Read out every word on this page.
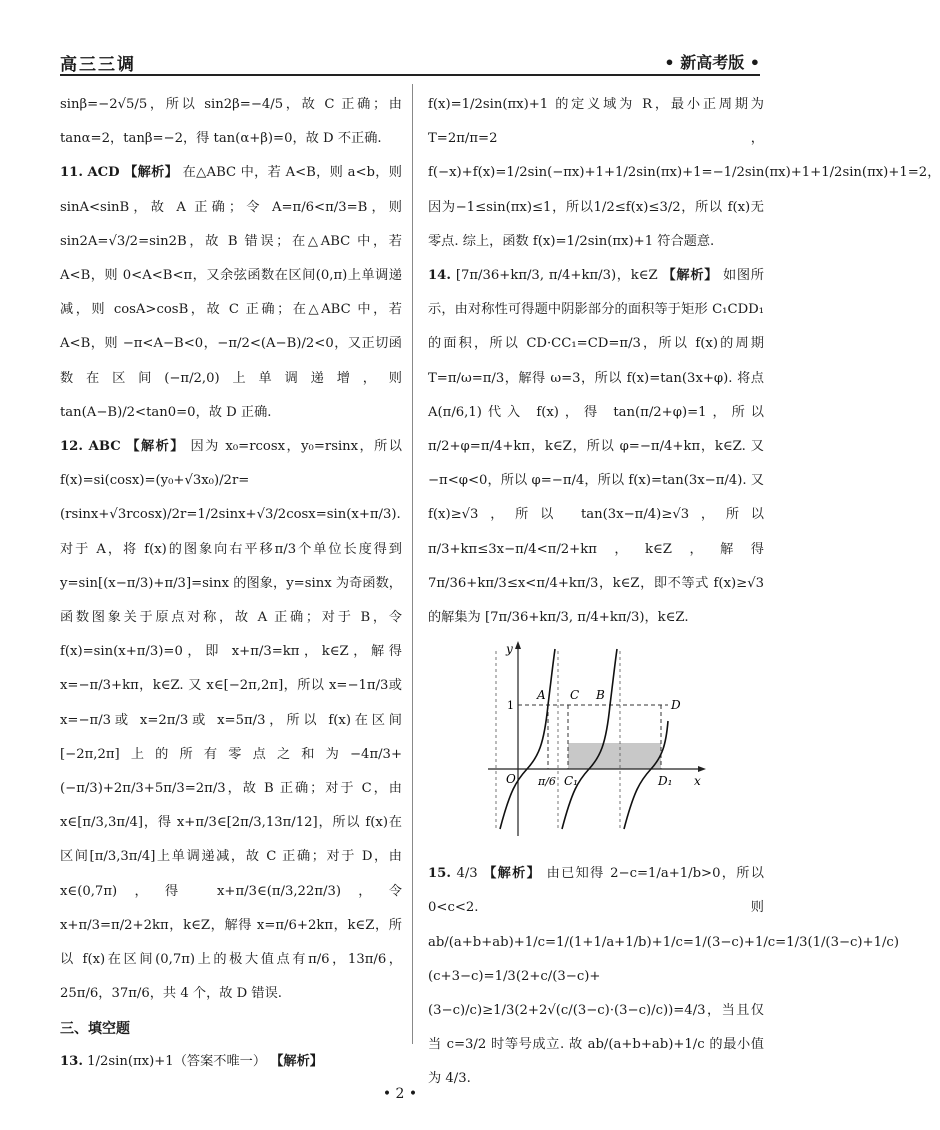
高三三调	• 新高考版 •
sinβ=−2√5/5，所以 sin2β=−4/5，故 C 正确；由 tanα=2，tanβ=−2，得 tan(α+β)=0，故 D 不正确.
11. ACD 【解析】 在△ABC 中，若 A<B，则 a<b，则 sinA<sinB，故 A 正确；令 A=π/6<π/3=B，则 sin2A=√3/2=sin2B，故 B 错误；在△ABC 中，若 A<B，则 0<A<B<π，又余弦函数在区间(0,π)上单调递减，则 cosA>cosB，故 C 正确；在△ABC 中，若 A<B，则 −π<A−B<0，−π/2<(A−B)/2<0，又正切函数在区间(−π/2,0)上单调递增，则 tan(A−B)/2<tan0=0，故 D 正确.
12. ABC 【解析】 因为 x₀=rcosx，y₀=rsinx，所以 f(x)=si(cosx)=(y₀+√3x₀)/2r=(rsinx+√3rcosx)/2r=1/2sinx+√3/2cosx=sin(x+π/3). 对于 A，将 f(x)的图象向右平移π/3个单位长度得到 y=sin[(x−π/3)+π/3]=sinx 的图象，y=sinx 为奇函数，函数图象关于原点对称，故 A 正确；对于 B，令 f(x)=sin(x+π/3)=0，即 x+π/3=kπ，k∈Z，解得 x=−π/3+kπ，k∈Z. 又 x∈[−2π,2π]，所以 x=−1π/3或 x=−π/3或 x=2π/3或 x=5π/3，所以 f(x)在区间[−2π,2π]上的所有零点之和为−4π/3+(−π/3)+2π/3+5π/3=2π/3，故 B 正确；对于 C，由 x∈[π/3,3π/4]，得 x+π/3∈[2π/3,13π/12]，所以 f(x)在区间[π/3,3π/4]上单调递减，故 C 正确；对于 D，由 x∈(0,7π)，得 x+π/3∈(π/3,22π/3)，令 x+π/3=π/2+2kπ，k∈Z，解得 x=π/6+2kπ，k∈Z，所以 f(x)在区间(0,7π)上的极大值点有π/6，13π/6，25π/6，37π/6，共 4 个，故 D 错误.
三、填空题
13. 1/2sin(πx)+1（答案不唯一） 【解析】
f(x)=1/2sin(πx)+1 的定义域为 R，最小正周期为 T=2π/π=2，f(−x)+f(x)=1/2sin(−πx)+1+1/2sin(πx)+1=−1/2sin(πx)+1+1/2sin(πx)+1=2，因为−1≤sin(πx)≤1，所以1/2≤f(x)≤3/2，所以 f(x)无零点. 综上，函数 f(x)=1/2sin(πx)+1 符合题意.
14. [7π/36+kπ/3, π/4+kπ/3)，k∈Z 【解析】 如图所示，由对称性可得题中阴影部分的面积等于矩形 C₁CDD₁ 的面积，所以 CD·CC₁=CD=π/3，所以 f(x)的周期 T=π/ω=π/3，解得 ω=3，所以 f(x)=tan(3x+φ). 将点 A(π/6,1)代入 f(x)，得 tan(π/2+φ)=1，所以 π/2+φ=π/4+kπ，k∈Z，所以 φ=−π/4+kπ，k∈Z. 又 −π<φ<0，所以 φ=−π/4，所以 f(x)=tan(3x−π/4). 又 f(x)≥√3，所以 tan(3x−π/4)≥√3，所以 π/3+kπ≤3x−π/4<π/2+kπ，k∈Z，解得 7π/36+kπ/3≤x<π/4+kπ/3，k∈Z，即不等式 f(x)≥√3 的解集为 [7π/36+kπ/3, π/4+kπ/3)，k∈Z.
y
x
O
1
π/6
A C B
D
C₁	D₁
15. 4/3 【解析】 由已知得 2−c=1/a+1/b>0，所以 0<c<2. 则 ab/(a+b+ab)+1/c=1/(1+1/a+1/b)+1/c=1/(3−c)+1/c=1/3(1/(3−c)+1/c)(c+3−c)=1/3(2+c/(3−c)+(3−c)/c)≥1/3(2+2√(c/(3−c)·(3−c)/c))=4/3，当且仅当 c=3/2 时等号成立. 故 ab/(a+b+ab)+1/c 的最小值为 4/3.
• 2 •
